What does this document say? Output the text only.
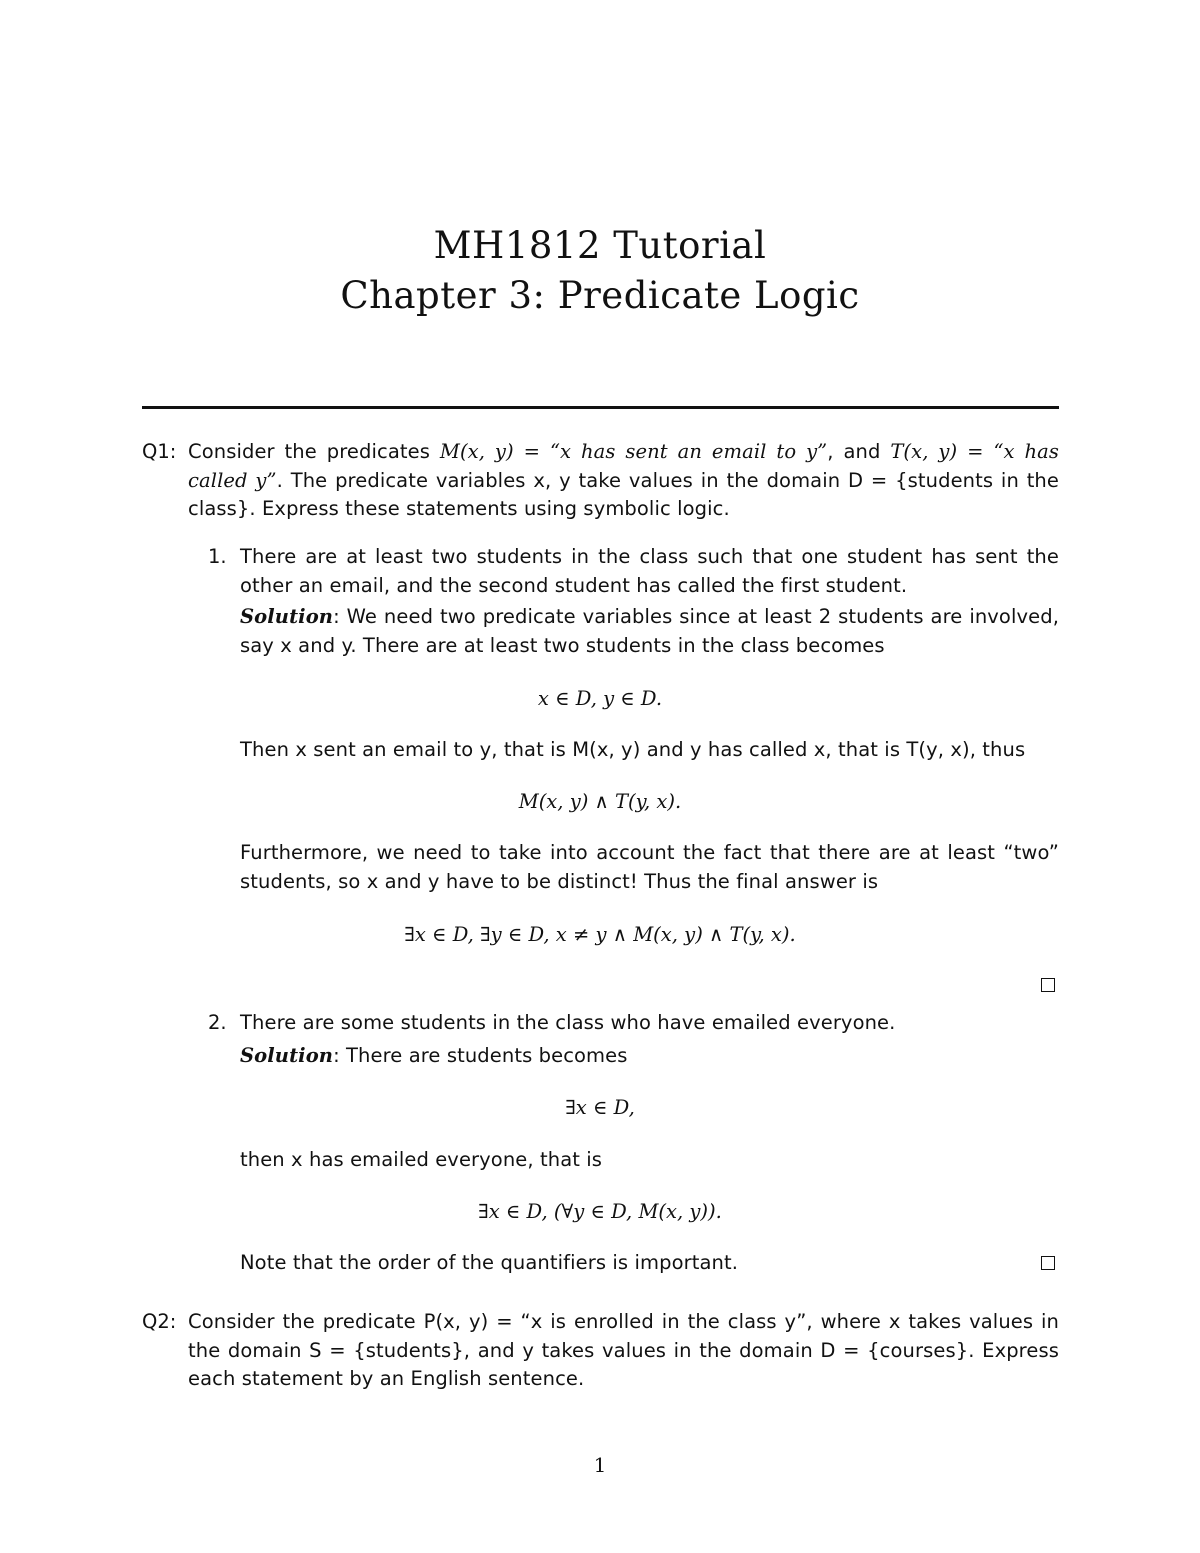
MH1812 Tutorial
Chapter 3: Predicate Logic
Q1: Consider the predicates M(x, y) = “x has sent an email to y”, and T(x, y) = “x has called y”. The predicate variables x, y take values in the domain D = {students in the class}. Express these statements using symbolic logic.
1. There are at least two students in the class such that one student has sent the other an email, and the second student has called the first student.
Solution: We need two predicate variables since at least 2 students are involved, say x and y. There are at least two students in the class becomes
x ∈ D, y ∈ D.
Then x sent an email to y, that is M(x, y) and y has called x, that is T(y, x), thus
M(x, y) ∧ T(y, x).
Furthermore, we need to take into account the fact that there are at least “two” students, so x and y have to be distinct! Thus the final answer is
∃x ∈ D, ∃y ∈ D, x ≠ y ∧ M(x, y) ∧ T(y, x).
2. There are some students in the class who have emailed everyone.
Solution: There are students becomes
∃x ∈ D,
then x has emailed everyone, that is
∃x ∈ D, (∀y ∈ D, M(x, y)).
Note that the order of the quantifiers is important.
Q2: Consider the predicate P(x, y) = “x is enrolled in the class y”, where x takes values in the domain S = {students}, and y takes values in the domain D = {courses}. Express each statement by an English sentence.
1
